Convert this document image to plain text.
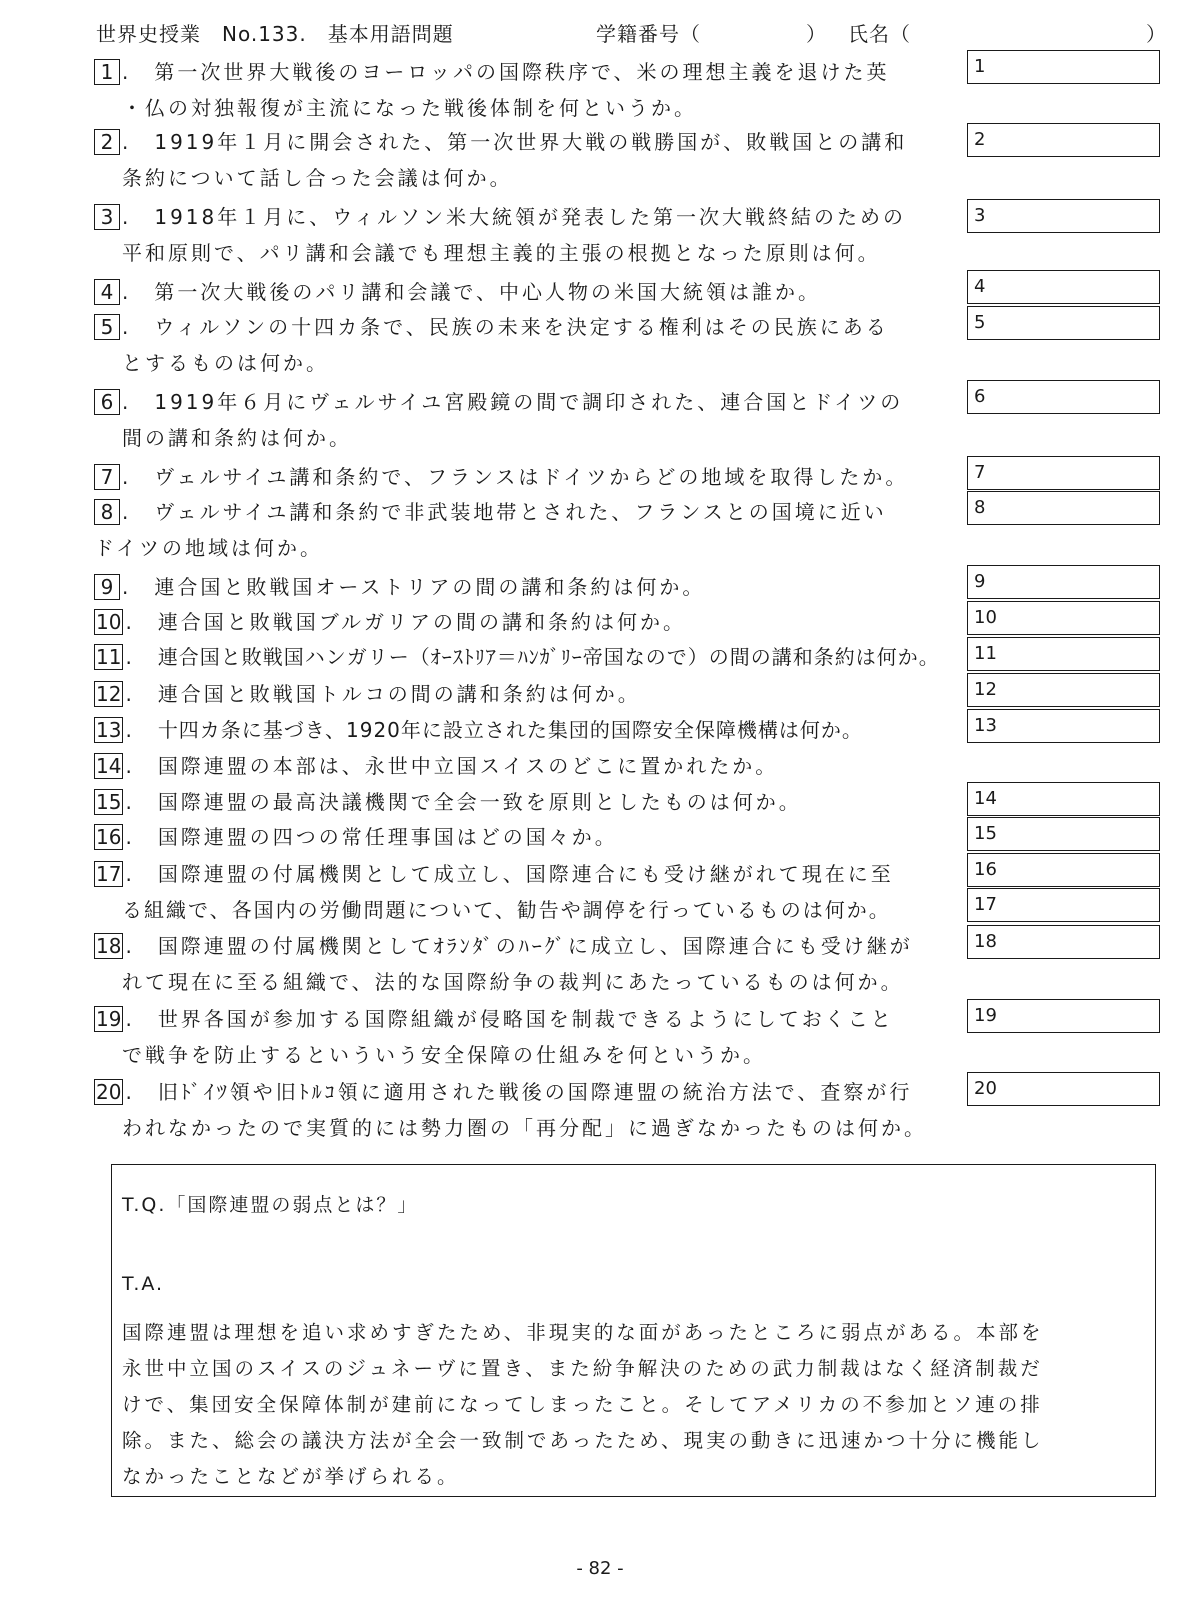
世界史授業　No.133.　基本用語問題	学籍番号（　　　　　） 氏名（	）
1 . 第一次世界大戦後のヨーロッパの国際秩序で、米の理想主義を退けた英
・仏の対独報復が主流になった戦後体制を何というか。
2 . 1919年１月に開会された、第一次世界大戦の戦勝国が、敗戦国との講和
条約について話し合った会議は何か。
3 . 1918年１月に、ウィルソン米大統領が発表した第一次大戦終結のための
平和原則で、パリ講和会議でも理想主義的主張の根拠となった原則は何。
4 . 第一次大戦後のパリ講和会議で、中心人物の米国大統領は誰か。
5 . ウィルソンの十四カ条で、民族の未来を決定する権利はその民族にある
とするものは何か。
6 . 1919年６月にヴェルサイユ宮殿鏡の間で調印された、連合国とドイツの
間の講和条約は何か。
7 . ヴェルサイユ講和条約で、フランスはドイツからどの地域を取得したか。
8 . ヴェルサイユ講和条約で非武装地帯とされた、フランスとの国境に近い
ドイツの地域は何か。
9 . 連合国と敗戦国オーストリアの間の講和条約は何か。
10 . 連合国と敗戦国ブルガリアの間の講和条約は何か。
11 . 連合国と敗戦国ハンガリー（ｵｰｽﾄﾘｱ＝ﾊﾝｶﾞﾘｰ帝国なので）の間の講和条約は何か。
12 . 連合国と敗戦国トルコの間の講和条約は何か。
13 . 十四カ条に基づき、1920年に設立された集団的国際安全保障機構は何か。
14 . 国際連盟の本部は、永世中立国スイスのどこに置かれたか。
15 . 国際連盟の最高決議機関で全会一致を原則としたものは何か。
16 . 国際連盟の四つの常任理事国はどの国々か。
17 . 国際連盟の付属機関として成立し、国際連合にも受け継がれて現在に至
る組織で、各国内の労働問題について、勧告や調停を行っているものは何か。
18 . 国際連盟の付属機関としてｵﾗﾝﾀﾞのﾊｰｸﾞに成立し、国際連合にも受け継が
れて現在に至る組織で、法的な国際紛争の裁判にあたっているものは何か。
19 . 世界各国が参加する国際組織が侵略国を制裁できるようにしておくこと
で戦争を防止するといういう安全保障の仕組みを何というか。
20 . 旧ﾄﾞｲﾂ領や旧ﾄﾙｺ領に適用された戦後の国際連盟の統治方法で、査察が行
われなかったので実質的には勢力圏の「再分配」に過ぎなかったものは何か。
1
2
3
4
5
6
7
8
9
10
11
12
13
14
15
16
17
18
19
20
T.Q.「国際連盟の弱点とは？」
T.A.
国際連盟は理想を追い求めすぎたため、非現実的な面があったところに弱点がある。本部を
永世中立国のスイスのジュネーヴに置き、また紛争解決のための武力制裁はなく経済制裁だ
けで、集団安全保障体制が建前になってしまったこと。そしてアメリカの不参加とソ連の排
除。また、総会の議決方法が全会一致制であったため、現実の動きに迅速かつ十分に機能し
なかったことなどが挙げられる。
- 82 -
